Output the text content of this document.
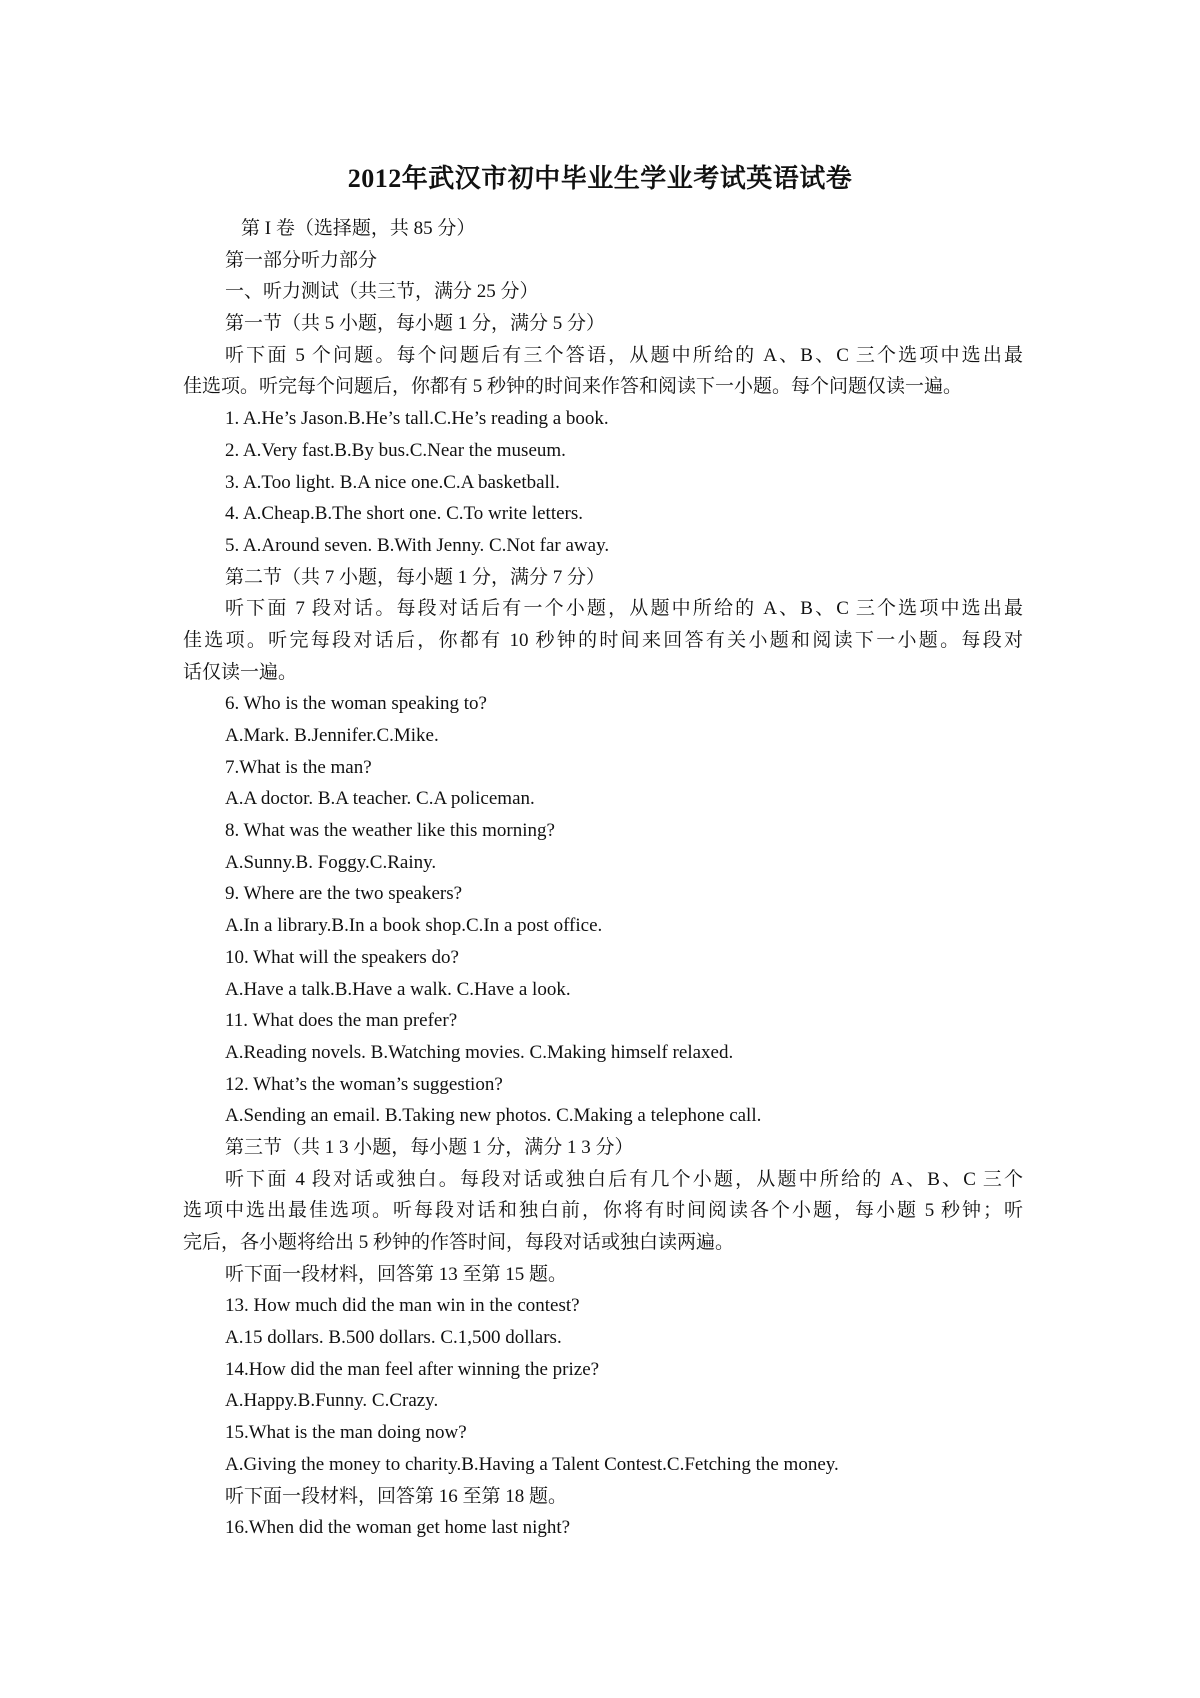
2012年武汉市初中毕业生学业考试英语试卷
第 I 卷（选择题，共 85 分）
第一部分听力部分
一、听力测试（共三节，满分 25 分）
第一节（共 5 小题，每小题 1 分，满分 5 分）
听下面 5 个问题。每个问题后有三个答语，从题中所给的 A、B、C 三个选项中选出最
佳选项。听完每个问题后，你都有 5 秒钟的时间来作答和阅读下一小题。每个问题仅读一遍。
1. A.He’s Jason.B.He’s tall.C.He’s reading a book.
2. A.Very fast.B.By bus.C.Near the museum.
3. A.Too light. B.A nice one.C.A basketball.
4. A.Cheap.B.The short one. C.To write letters.
5. A.Around seven. B.With Jenny. C.Not far away.
第二节（共 7 小题，每小题 1 分，满分 7 分）
听下面 7 段对话。每段对话后有一个小题，从题中所给的 A、B、C 三个选项中选出最
佳选项。听完每段对话后，你都有 10 秒钟的时间来回答有关小题和阅读下一小题。每段对
话仅读一遍。
6. Who is the woman speaking to?
A.Mark. B.Jennifer.C.Mike.
7.What is the man?
A.A doctor. B.A teacher. C.A policeman.
8. What was the weather like this morning?
A.Sunny.B. Foggy.C.Rainy.
9. Where are the two speakers?
A.In a library.B.In a book shop.C.In a post office.
10. What will the speakers do?
A.Have a talk.B.Have a walk. C.Have a look.
11. What does the man prefer?
A.Reading novels. B.Watching movies. C.Making himself relaxed.
12. What’s the woman’s suggestion?
A.Sending an email. B.Taking new photos. C.Making a telephone call.
第三节（共 1 3 小题，每小题 1 分，满分 1 3 分）
听下面 4 段对话或独白。每段对话或独白后有几个小题，从题中所给的 A、B、C 三个
选项中选出最佳选项。听每段对话和独白前，你将有时间阅读各个小题，每小题 5 秒钟；听
完后，各小题将给出 5 秒钟的作答时间，每段对话或独白读两遍。
听下面一段材料，回答第 13 至第 15 题。
13. How much did the man win in the contest?
A.15 dollars. B.500 dollars. C.1,500 dollars.
14.How did the man feel after winning the prize?
A.Happy.B.Funny. C.Crazy.
15.What is the man doing now?
A.Giving the money to charity.B.Having a Talent Contest.C.Fetching the money.
听下面一段材料，回答第 16 至第 18 题。
16.When did the woman get home last night?
